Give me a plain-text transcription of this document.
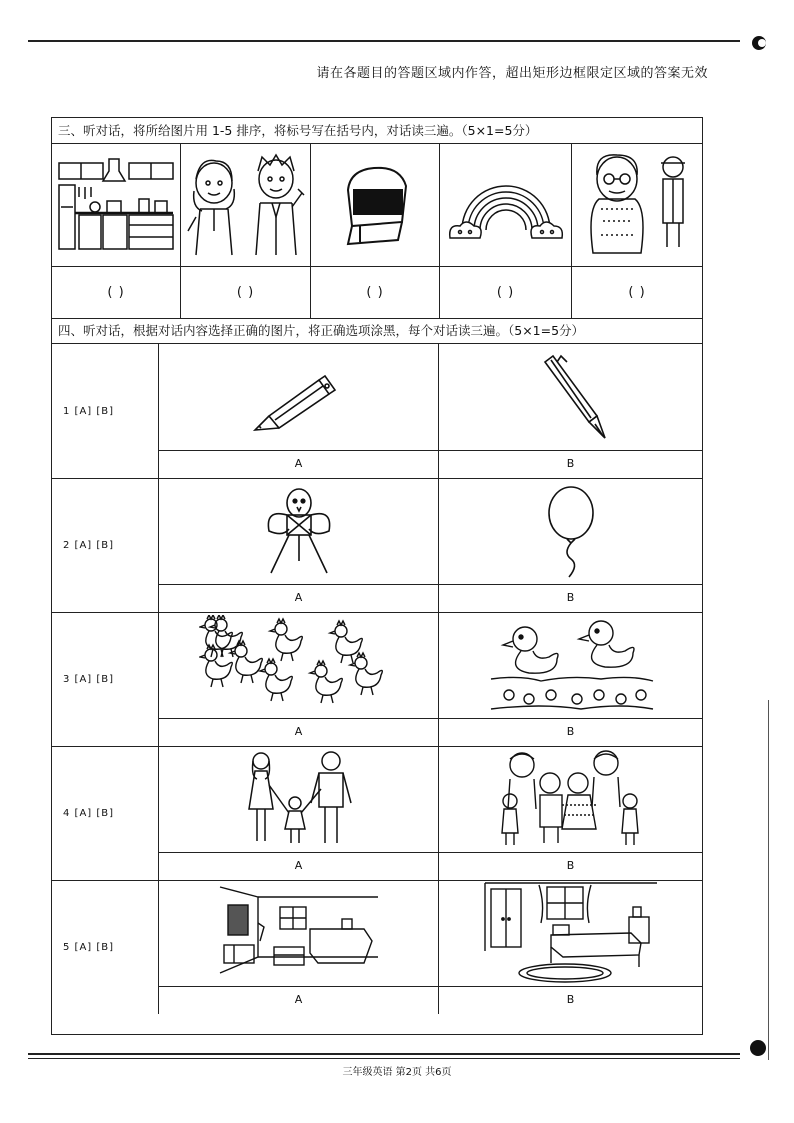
请在各题目的答题区域内作答，超出矩形边框限定区域的答案无效
三、听对话，将所给图片用 1-5 排序，将标号写在括号内，对话读三遍。（5×1=5分）
( )	( )	( )	( )	( )
四、听对话，根据对话内容选择正确的图片，将正确选项涂黑，每个对话读三遍。（5×1=5分）
1 [A] [B]
A	B
2 [A] [B]
A	B
3 [A] [B]
A	B
4 [A] [B]
A	B
5 [A] [B]
A	B
三年级英语 第2页 共6页
